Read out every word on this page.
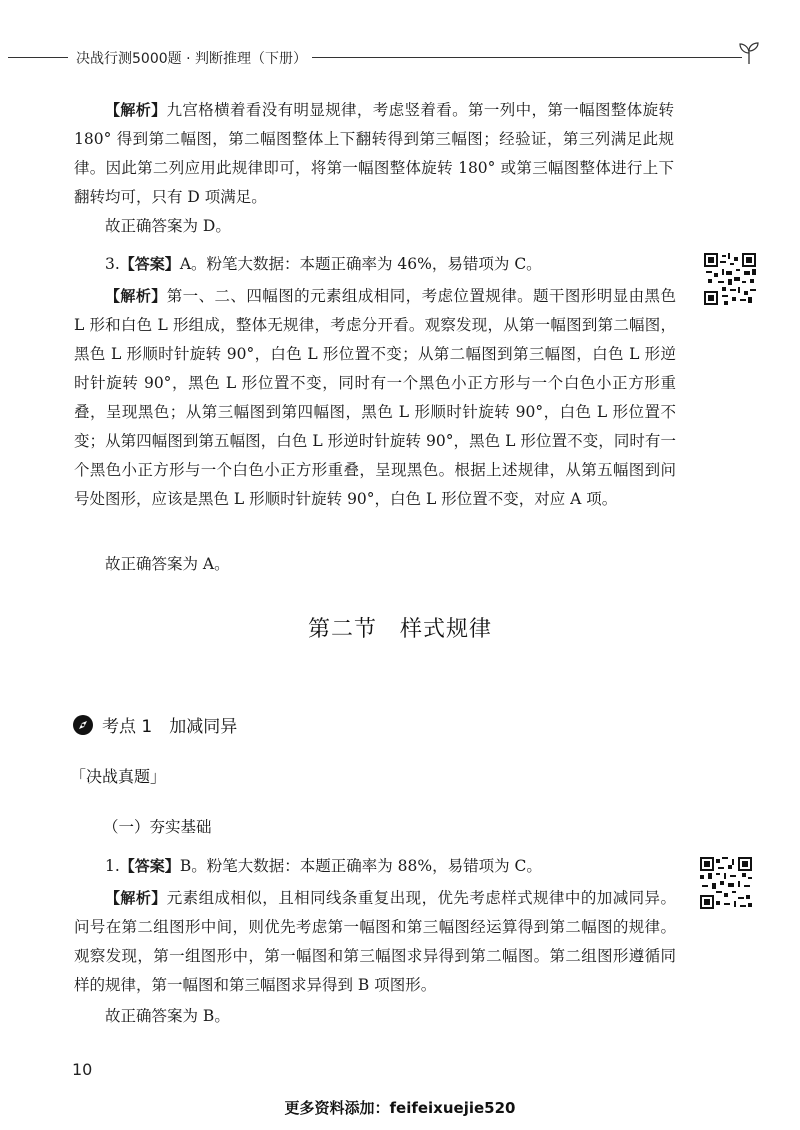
决战行测5000题 · 判断推理（下册）

【解析】九宫格横着看没有明显规律，考虑竖着看。第一列中，第一幅图整体旋转 180° 得到第二幅图，第二幅图整体上下翻转得到第三幅图；经验证，第三列满足此规律。因此第二列应用此规律即可，将第一幅图整体旋转 180° 或第三幅图整体进行上下翻转均可，只有 D 项满足。

故正确答案为 D。

3.【答案】A。粉笔大数据：本题正确率为 46%，易错项为 C。

【解析】第一、二、四幅图的元素组成相同，考虑位置规律。题干图形明显由黑色 L 形和白色 L 形组成，整体无规律，考虑分开看。观察发现，从第一幅图到第二幅图，黑色 L 形顺时针旋转 90°，白色 L 形位置不变；从第二幅图到第三幅图，白色 L 形逆时针旋转 90°，黑色 L 形位置不变，同时有一个黑色小正方形与一个白色小正方形重叠，呈现黑色；从第三幅图到第四幅图，黑色 L 形顺时针旋转 90°，白色 L 形位置不变；从第四幅图到第五幅图，白色 L 形逆时针旋转 90°，黑色 L 形位置不变，同时有一个黑色小正方形与一个白色小正方形重叠，呈现黑色。根据上述规律，从第五幅图到问号处图形，应该是黑色 L 形顺时针旋转 90°，白色 L 形位置不变，对应 A 项。

故正确答案为 A。

第二节　样式规律
考点 1　加减同异
「决战真题」
（一）夯实基础

1.【答案】B。粉笔大数据：本题正确率为 88%，易错项为 C。

【解析】元素组成相似，且相同线条重复出现，优先考虑样式规律中的加减同异。问号在第二组图形中间，则优先考虑第一幅图和第三幅图经运算得到第二幅图的规律。观察发现，第一组图形中，第一幅图和第三幅图求异得到第二幅图。第二组图形遵循同样的规律，第一幅图和第三幅图求异得到 B 项图形。

故正确答案为 B。

10
更多资料添加：feifeixuejie520
